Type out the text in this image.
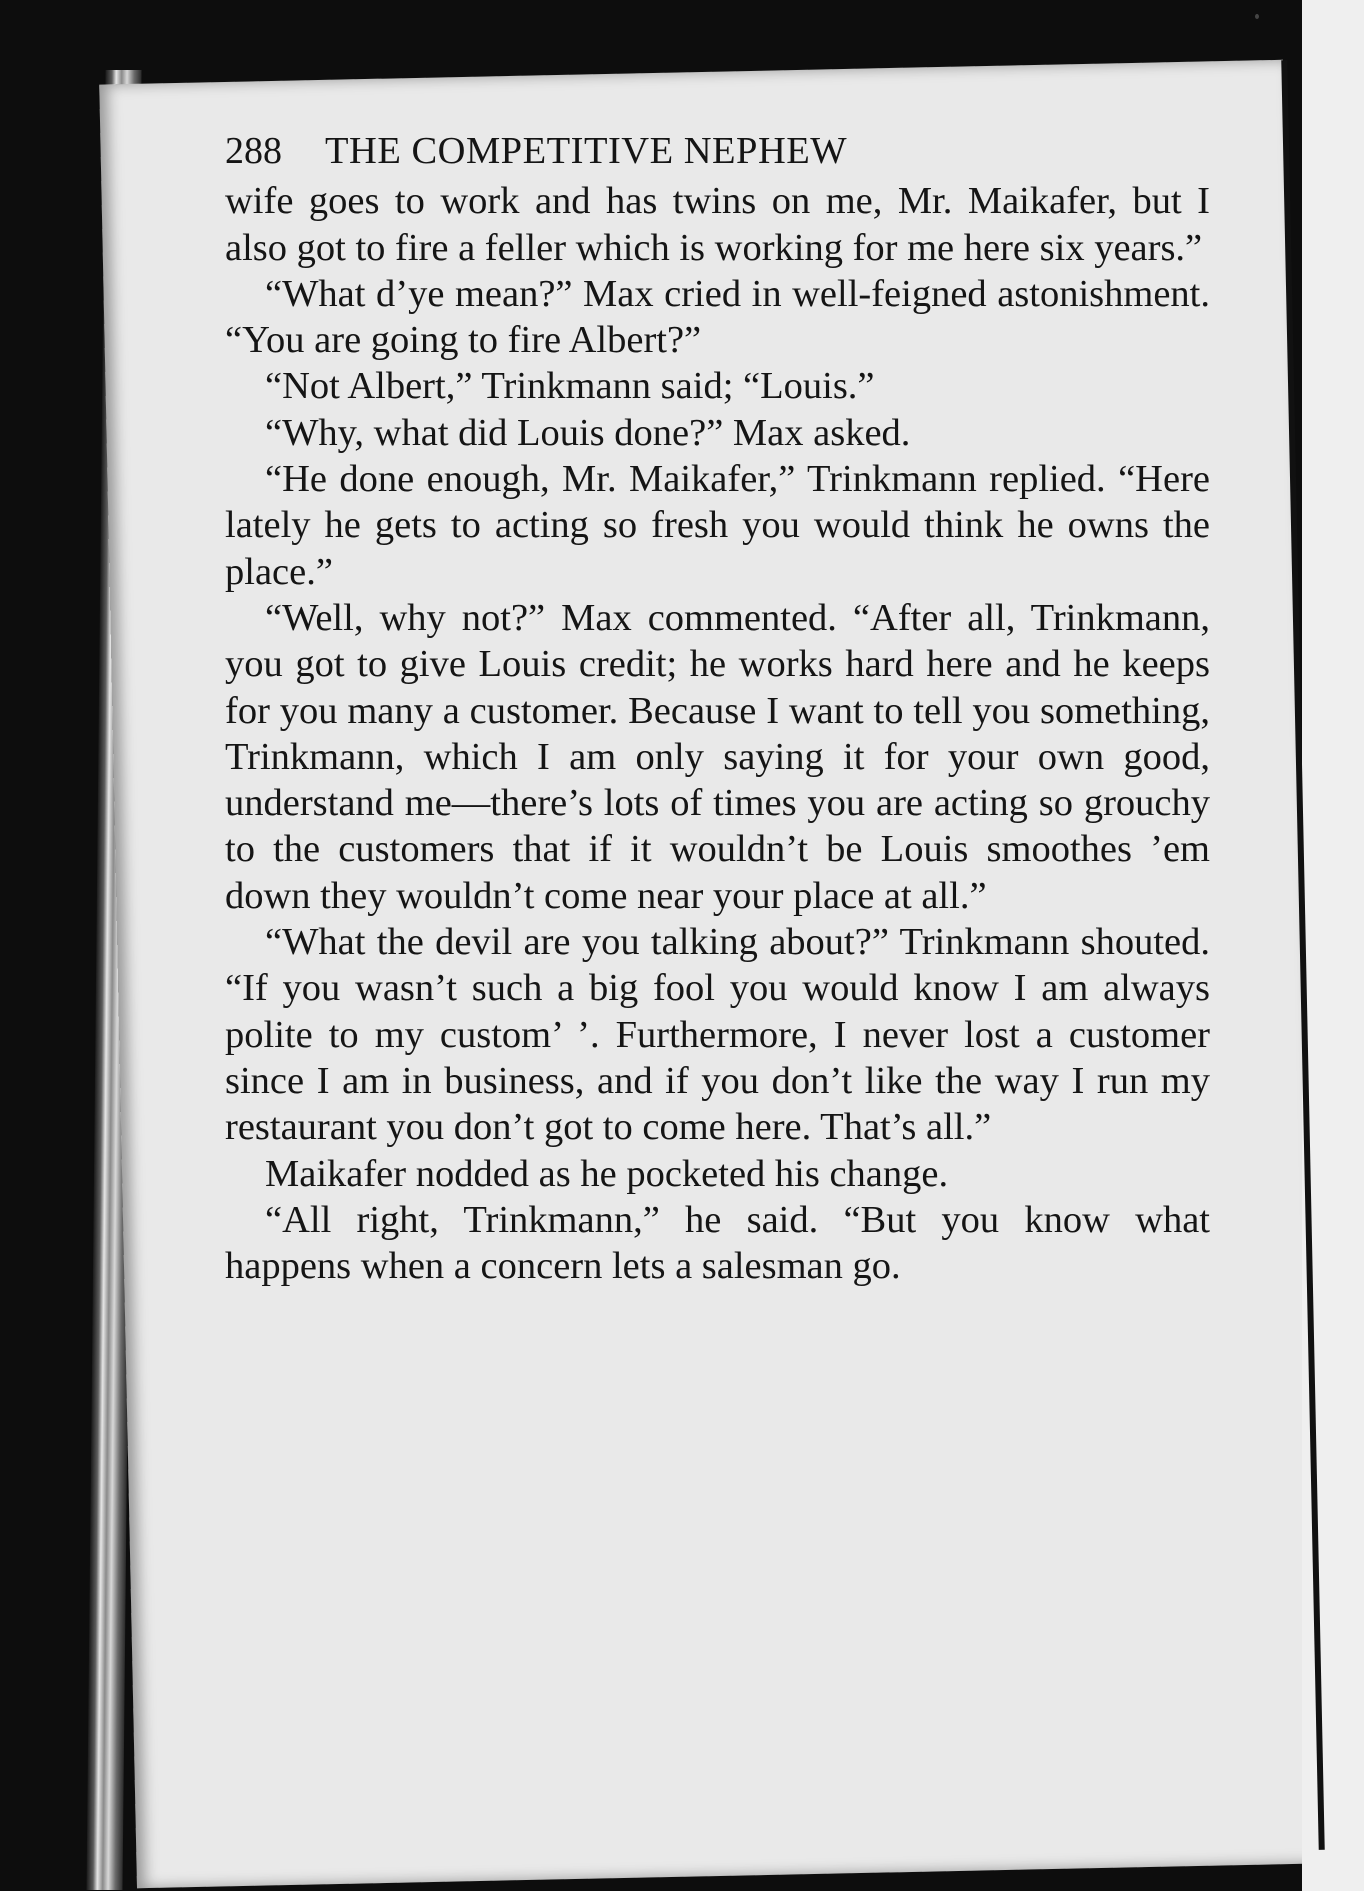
288	THE COMPETITIVE NEPHEW

wife goes to work and has twins on me, Mr. Maikafer, but I also got to fire a feller which is working for me here six years.”

“What d’ye mean?” Max cried in well-feigned astonishment. “You are going to fire Albert?”

“Not Albert,” Trinkmann said; “Louis.”

“Why, what did Louis done?” Max asked.

“He done enough, Mr. Maikafer,” Trinkmann replied. “Here lately he gets to acting so fresh you would think he owns the place.”

“Well, why not?” Max commented. “After all, Trinkmann, you got to give Louis credit; he works hard here and he keeps for you many a customer. Because I want to tell you something, Trinkmann, which I am only saying it for your own good, understand me—there’s lots of times you are acting so grouchy to the customers that if it wouldn’t be Louis smoothes ’em down they wouldn’t come near your place at all.”

“What the devil are you talking about?” Trinkmann shouted. “If you wasn’t such a big fool you would know I am always polite to my custom’ ’. Furthermore, I never lost a customer since I am in business, and if you don’t like the way I run my restaurant you don’t got to come here. That’s all.”

Maikafer nodded as he pocketed his change.

“All right, Trinkmann,” he said. “But you know what happens when a concern lets a salesman go.
